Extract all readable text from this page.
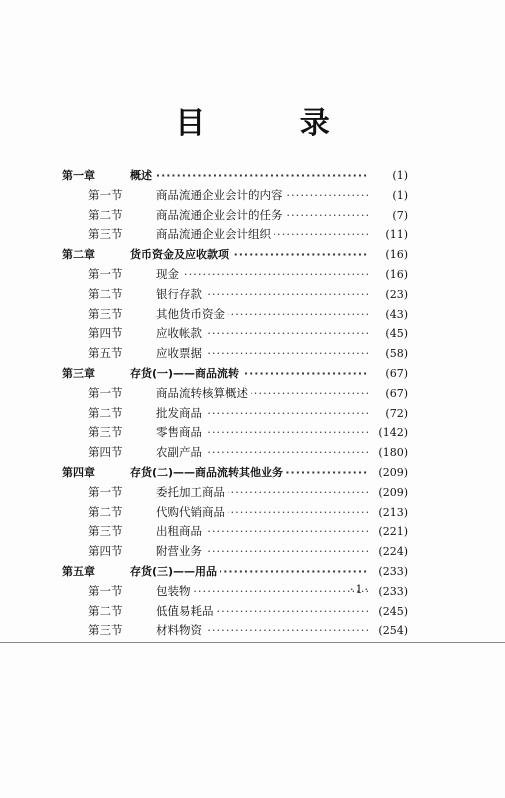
目 录
第一章	概述 ·····	(1)
第一节	商品流通企业会计的内容 ·····	(1)
第二节	商品流通企业会计的任务 ·····	(7)
第三节	商品流通企业会计组织 ·····	(11)
第二章	货币资金及应收款项 ·····	(16)
第一节	现金 ·····	(16)
第二节	银行存款 ·····	(23)
第三节	其他货币资金 ·····	(43)
第四节	应收帐款 ·····	(45)
第五节	应收票据 ·····	(58)
第三章	存货(一)——商品流转 ·····	(67)
第一节	商品流转核算概述 ·····	(67)
第二节	批发商品 ·····	(72)
第三节	零售商品 ·····	(142)
第四节	农副产品 ·····	(180)
第四章	存货(二)——商品流转其他业务 ·····	(209)
第一节	委托加工商品 ·····	(209)
第二节	代购代销商品 ·····	(213)
第三节	出租商品 ·····	(221)
第四节	附营业务 ·····	(224)
第五章	存货(三)——用品 ·····	(233)
第一节	包装物 ·····	(233)
第二节	低值易耗品 ·····	(245)
第三节	材料物资 ·····	(254)
·1·
